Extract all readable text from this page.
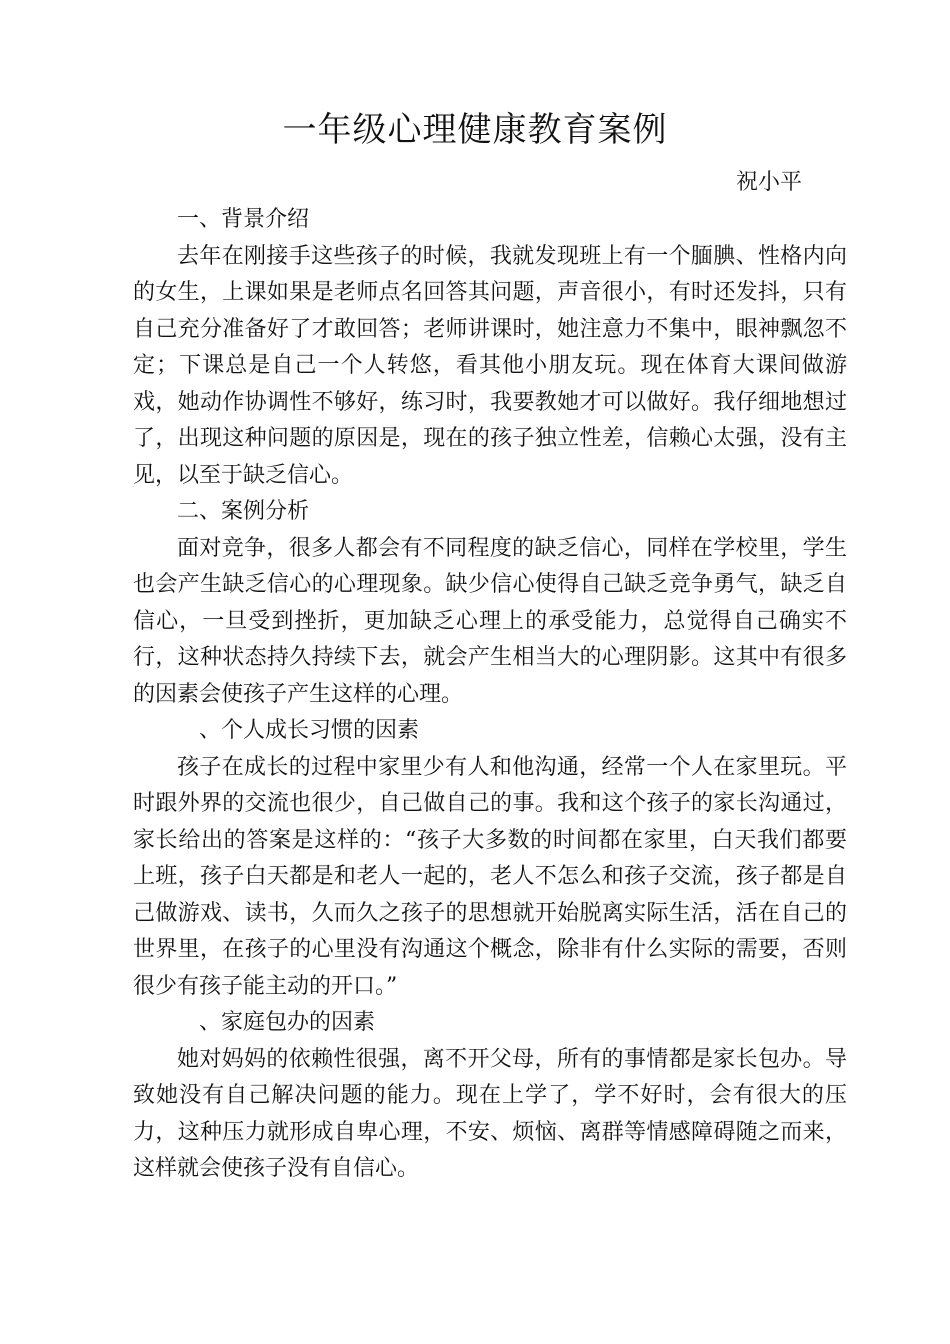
一年级心理健康教育案例
祝小平

一、背景介绍

去年在刚接手这些孩子的时候，我就发现班上有一个腼腆、性格内向的女生，上课如果是老师点名回答其问题，声音很小，有时还发抖，只有自己充分准备好了才敢回答；老师讲课时，她注意力不集中，眼神飘忽不定；下课总是自己一个人转悠，看其他小朋友玩。现在体育大课间做游戏，她动作协调性不够好，练习时，我要教她才可以做好。我仔细地想过了，出现这种问题的原因是，现在的孩子独立性差，信赖心太强，没有主见，以至于缺乏信心。

二、案例分析

面对竞争，很多人都会有不同程度的缺乏信心，同样在学校里，学生也会产生缺乏信心的心理现象。缺少信心使得自己缺乏竞争勇气，缺乏自信心，一旦受到挫折，更加缺乏心理上的承受能力，总觉得自己确实不行，这种状态持久持续下去，就会产生相当大的心理阴影。这其中有很多的因素会使孩子产生这样的心理。

、个人成长习惯的因素

孩子在成长的过程中家里少有人和他沟通，经常一个人在家里玩。平时跟外界的交流也很少，自己做自己的事。我和这个孩子的家长沟通过，家长给出的答案是这样的：“孩子大多数的时间都在家里，白天我们都要上班，孩子白天都是和老人一起的，老人不怎么和孩子交流，孩子都是自己做游戏、读书，久而久之孩子的思想就开始脱离实际生活，活在自己的世界里，在孩子的心里没有沟通这个概念，除非有什么实际的需要，否则很少有孩子能主动的开口。”

、家庭包办的因素

她对妈妈的依赖性很强，离不开父母，所有的事情都是家长包办。导致她没有自己解决问题的能力。现在上学了，学不好时，会有很大的压力，这种压力就形成自卑心理，不安、烦恼、离群等情感障碍随之而来，这样就会使孩子没有自信心。
